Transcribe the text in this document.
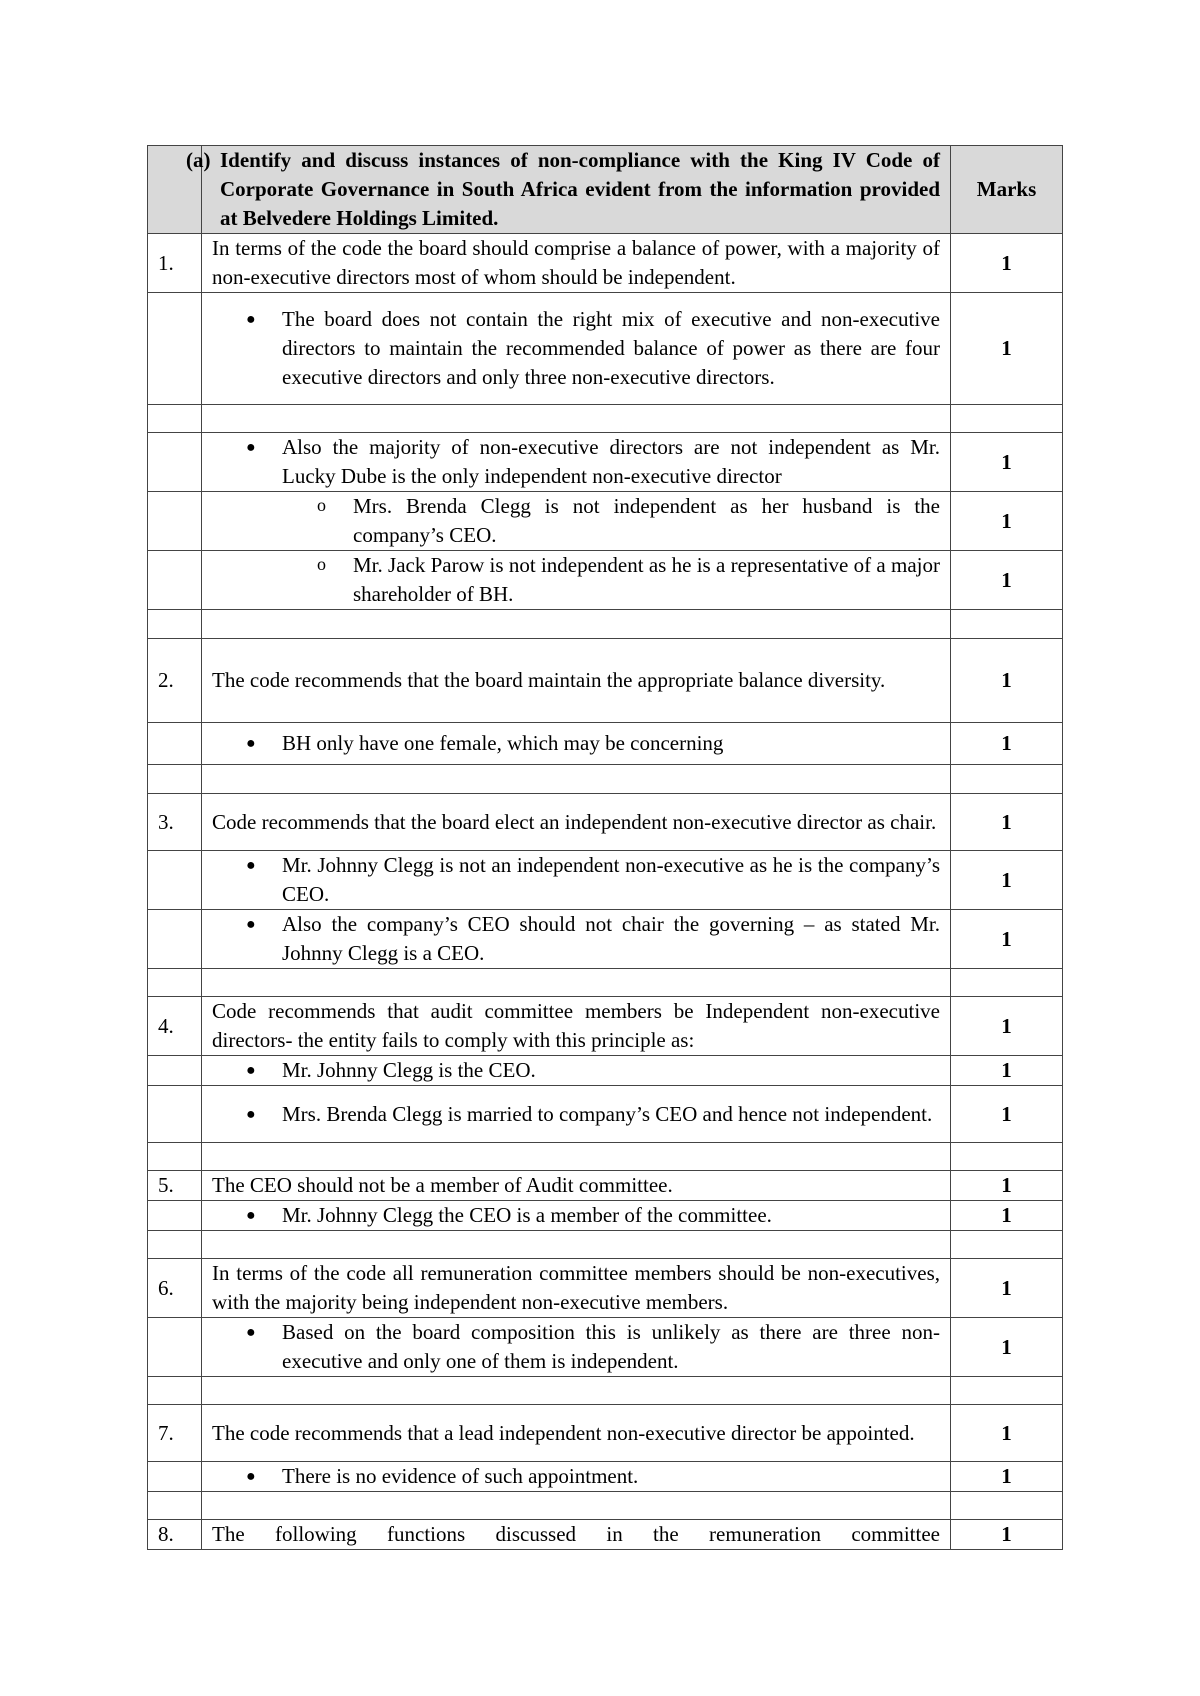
	(a) Identify and discuss instances of non-compliance with the King IV Code of Corporate Governance in South Africa evident from the information provided at Belvedere Holdings Limited.	Marks
1.	In terms of the code the board should comprise a balance of power, with a majority of non-executive directors most of whom should be independent.	1

	● The board does not contain the right mix of executive and non-executive directors to maintain the recommended balance of power as there are four executive directors and only three non-executive directors.	1

	● Also the majority of non-executive directors are not independent as Mr. Lucky Dube is the only independent non-executive director	1

	o Mrs. Brenda Clegg is not independent as her husband is the company’s CEO.	1

	o Mr. Jack Parow is not independent as he is a representative of a major shareholder of BH.	1

2.	The code recommends that the board maintain the appropriate balance diversity.	1

	● BH only have one female, which may be concerning	1

3.	Code recommends that the board elect an independent non-executive director as chair.	1

	● Mr. Johnny Clegg is not an independent non-executive as he is the company’s CEO.	1

	● Also the company’s CEO should not chair the governing – as stated Mr. Johnny Clegg is a CEO.	1

4.	Code recommends that audit committee members be Independent non-executive directors- the entity fails to comply with this principle as:	1

	● Mr. Johnny Clegg is the CEO.	1

	● Mrs. Brenda Clegg is married to company’s CEO and hence not independent.	1

5.	The CEO should not be a member of Audit committee.	1

	● Mr. Johnny Clegg the CEO is a member of the committee.	1

6.	In terms of the code all remuneration committee members should be non-executives, with the majority being independent non-executive members.	1

	● Based on the board composition this is unlikely as there are three non-executive and only one of them is independent.	1

7.	The code recommends that a lead independent non-executive director be appointed.	1

	● There is no evidence of such appointment.	1

8.	The following functions discussed in the remuneration committee	1
